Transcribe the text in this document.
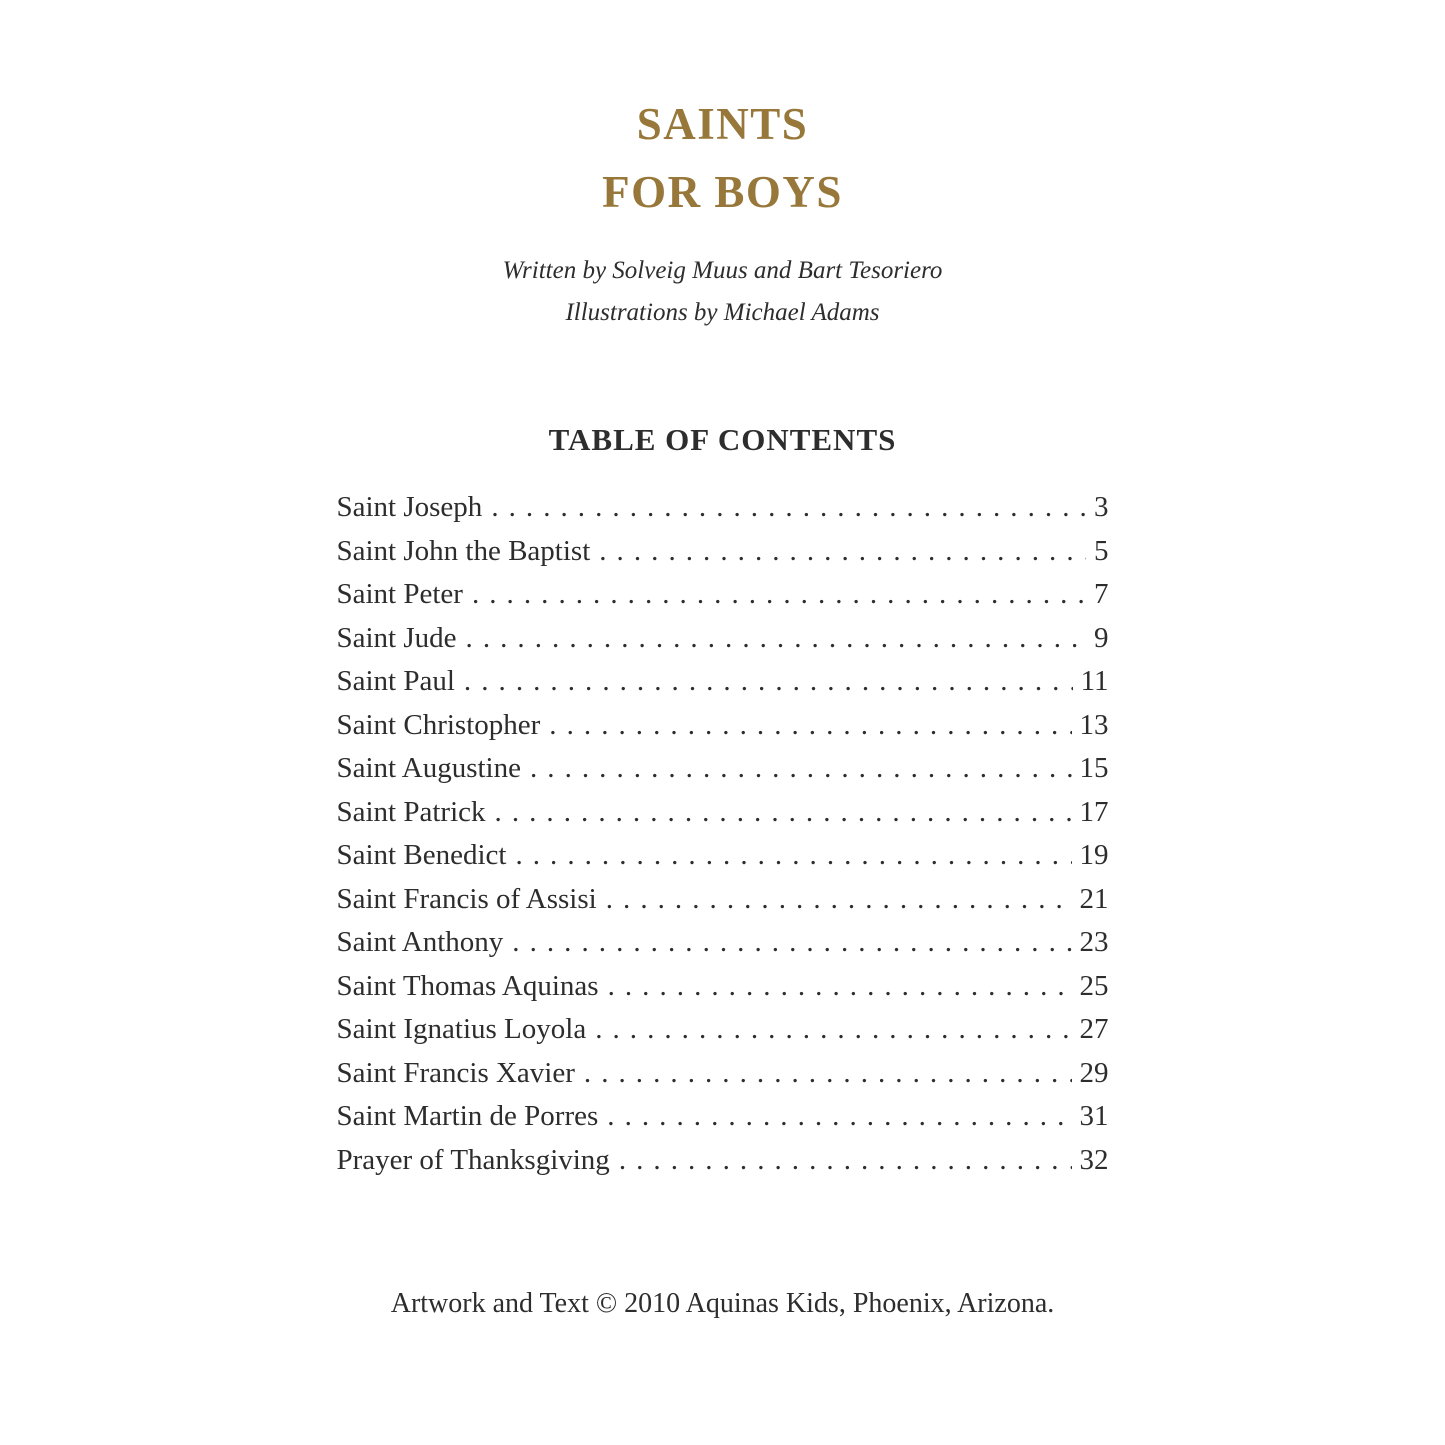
SAINTS
FOR BOYS
Written by Solveig Muus and Bart Tesoriero
Illustrations by Michael Adams
TABLE OF CONTENTS
Saint Joseph . . .	3
Saint John the Baptist . . .	5
Saint Peter . . .	7
Saint Jude . . .	9
Saint Paul . . .	11
Saint Christopher . . .	13
Saint Augustine . . .	15
Saint Patrick . . .	17
Saint Benedict . . .	19
Saint Francis of Assisi . . .	21
Saint Anthony . . .	23
Saint Thomas Aquinas . . .	25
Saint Ignatius Loyola . . .	27
Saint Francis Xavier . . .	29
Saint Martin de Porres . . .	31
Prayer of Thanksgiving . . .	32
Artwork and Text © 2010 Aquinas Kids, Phoenix, Arizona.
